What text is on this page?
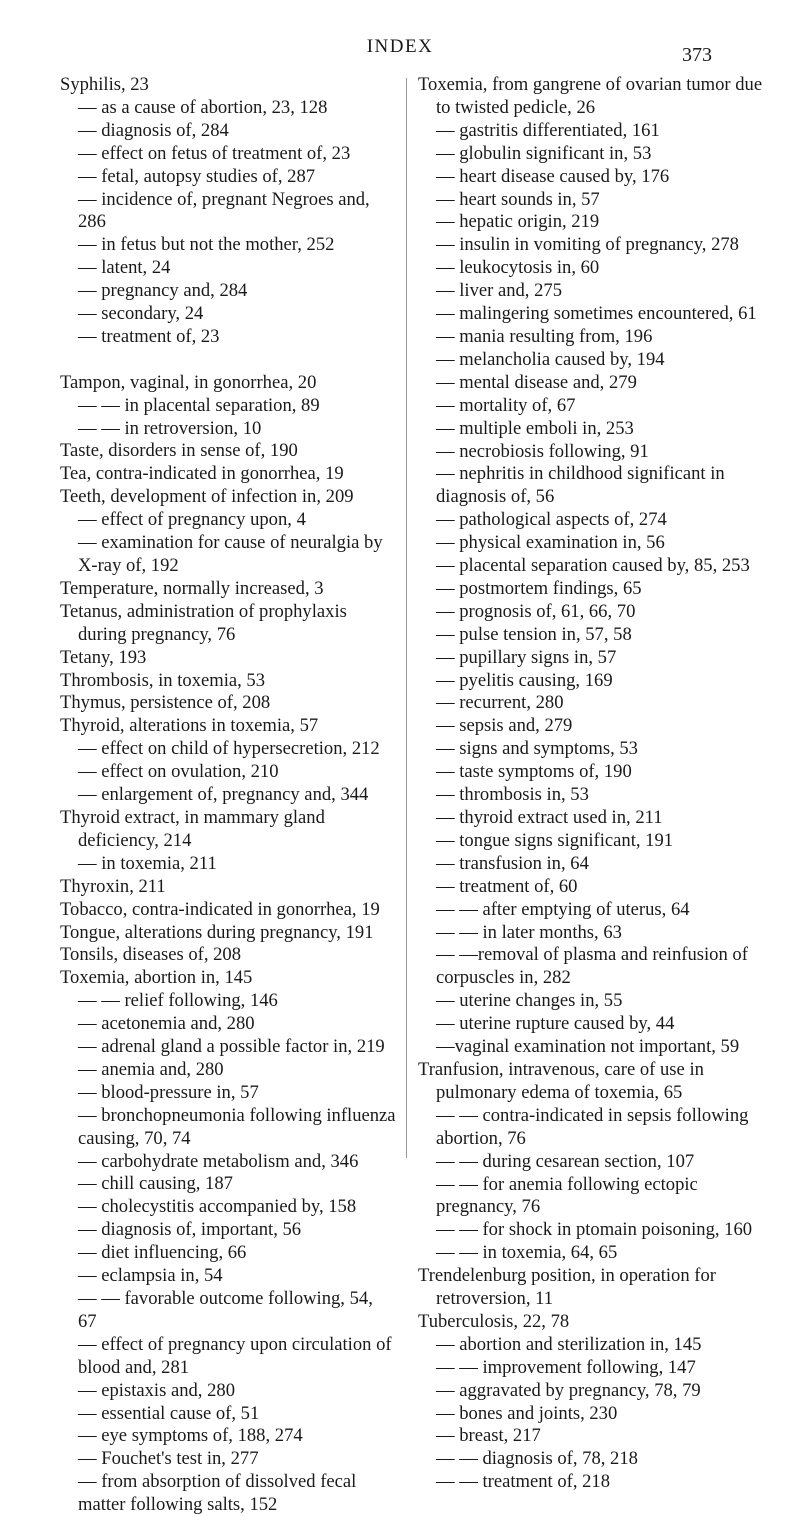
INDEX	373

Syphilis, 23

— as a cause of abortion, 23, 128

— diagnosis of, 284

— effect on fetus of treatment of, 23

— fetal, autopsy studies of, 287

— incidence of, pregnant Negroes and, 286

— in fetus but not the mother, 252

— latent, 24

— pregnancy and, 284

— secondary, 24

— treatment of, 23

Tampon, vaginal, in gonorrhea, 20

— — in placental separation, 89

— — in retroversion, 10

Taste, disorders in sense of, 190

Tea, contra-indicated in gonorrhea, 19

Teeth, development of infection in, 209

— effect of pregnancy upon, 4

— examination for cause of neuralgia by X-ray of, 192

Temperature, normally increased, 3

Tetanus, administration of prophylaxis during pregnancy, 76

Tetany, 193

Thrombosis, in toxemia, 53

Thymus, persistence of, 208

Thyroid, alterations in toxemia, 57

— effect on child of hypersecretion, 212

— effect on ovulation, 210

— enlargement of, pregnancy and, 344

Thyroid extract, in mammary gland deficiency, 214

— in toxemia, 211

Thyroxin, 211

Tobacco, contra-indicated in gonorrhea, 19

Tongue, alterations during pregnancy, 191

Tonsils, diseases of, 208

Toxemia, abortion in, 145

— — relief following, 146

— acetonemia and, 280

— adrenal gland a possible factor in, 219

— anemia and, 280

— blood-pressure in, 57

— bronchopneumonia following influenza causing, 70, 74

— carbohydrate metabolism and, 346

— chill causing, 187

— cholecystitis accompanied by, 158

— diagnosis of, important, 56

— diet influencing, 66

— eclampsia in, 54

— — favorable outcome following, 54, 67

— effect of pregnancy upon circulation of blood and, 281

— epistaxis and, 280

— essential cause of, 51

— eye symptoms of, 188, 274

— Fouchet's test in, 277

— from absorption of dissolved fecal matter following salts, 152

Toxemia, from gangrene of ovarian tumor due to twisted pedicle, 26

— gastritis differentiated, 161

— globulin significant in, 53

— heart disease caused by, 176

— heart sounds in, 57

— hepatic origin, 219

— insulin in vomiting of pregnancy, 278

— leukocytosis in, 60

— liver and, 275

— malingering sometimes encountered, 61

— mania resulting from, 196

— melancholia caused by, 194

— mental disease and, 279

— mortality of, 67

— multiple emboli in, 253

— necrobiosis following, 91

— nephritis in childhood significant in diagnosis of, 56

— pathological aspects of, 274

— physical examination in, 56

— placental separation caused by, 85, 253

— postmortem findings, 65

— prognosis of, 61, 66, 70

— pulse tension in, 57, 58

— pupillary signs in, 57

— pyelitis causing, 169

— recurrent, 280

— sepsis and, 279

— signs and symptoms, 53

— taste symptoms of, 190

— thrombosis in, 53

— thyroid extract used in, 211

— tongue signs significant, 191

— transfusion in, 64

— treatment of, 60

— — after emptying of uterus, 64

— — in later months, 63

— —removal of plasma and reinfusion of corpuscles in, 282

— uterine changes in, 55

— uterine rupture caused by, 44

—vaginal examination not important, 59

Tranfusion, intravenous, care of use in pulmonary edema of toxemia, 65

— — contra-indicated in sepsis following abortion, 76

— — during cesarean section, 107

— — for anemia following ectopic pregnancy, 76

— — for shock in ptomain poisoning, 160

— — in toxemia, 64, 65

Trendelenburg position, in operation for retroversion, 11

Tuberculosis, 22, 78

— abortion and sterilization in, 145

— — improvement following, 147

— aggravated by pregnancy, 78, 79

— bones and joints, 230

— breast, 217

— — diagnosis of, 78, 218

— — treatment of, 218
